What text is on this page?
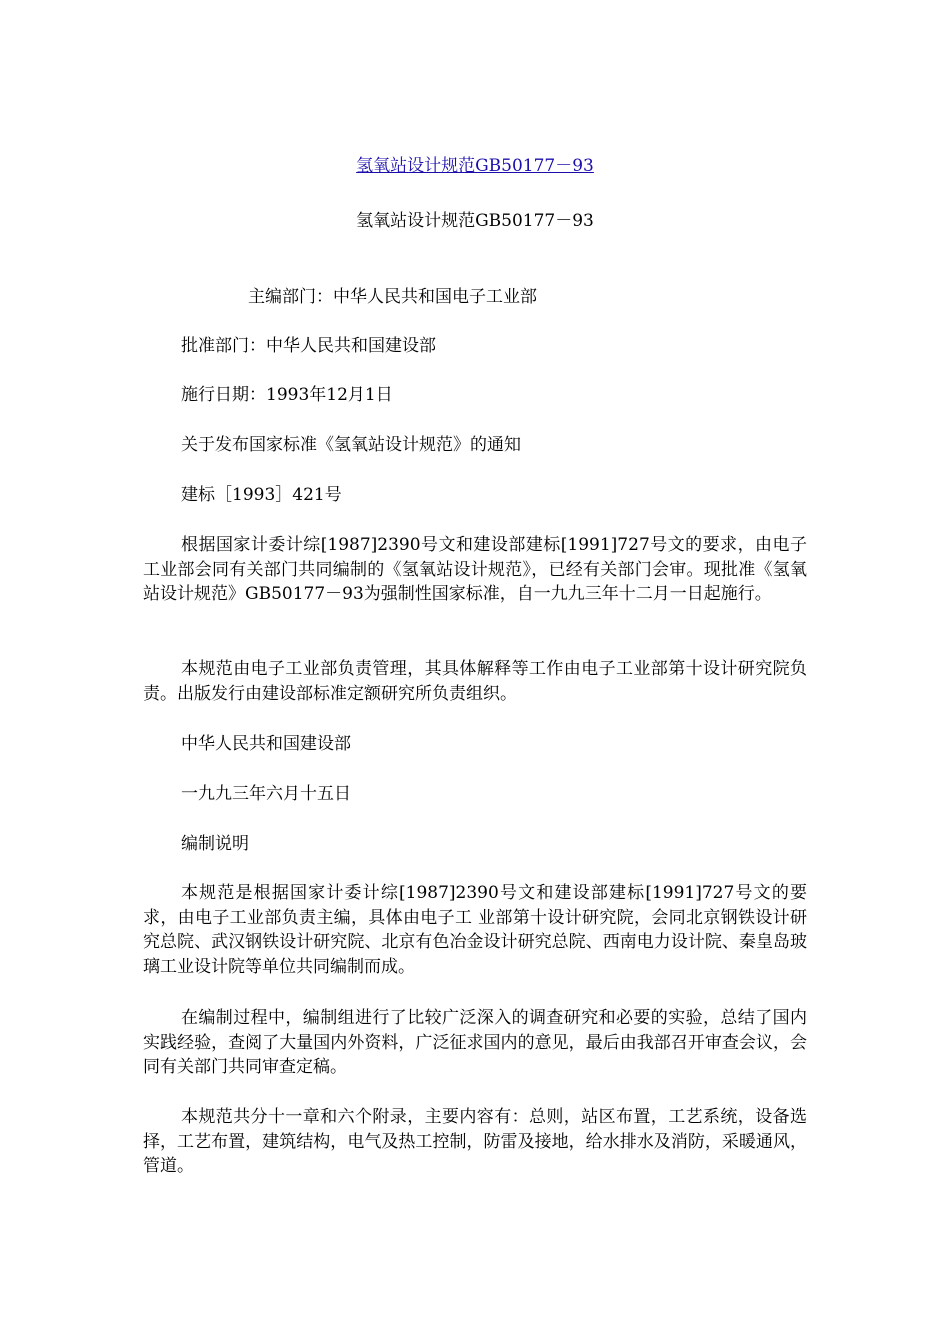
氢氧站设计规范GB50177－93

氢氧站设计规范GB50177－93

主编部门：中华人民共和国电子工业部

批准部门：中华人民共和国建设部

施行日期：1993年12月1日

关于发布国家标准《氢氧站设计规范》的通知

建标［1993］421号

根据国家计委计综[1987]2390号文和建设部建标[1991]727号文的要求，由电子工业部会同有关部门共同编制的《氢氧站设计规范》，已经有关部门会审。现批准《氢氧站设计规范》GB50177－93为强制性国家标准，自一九九三年十二月一日起施行。

本规范由电子工业部负责管理，其具体解释等工作由电子工业部第十设计研究院负责。出版发行由建设部标准定额研究所负责组织。

中华人民共和国建设部

一九九三年六月十五日

编制说明

本规范是根据国家计委计综[1987]2390号文和建设部建标[1991]727号文的要求，由电子工业部负责主编，具体由电子工 业部第十设计研究院，会同北京钢铁设计研究总院、武汉钢铁设计研究院、北京有色冶金设计研究总院、西南电力设计院、秦皇岛玻璃工业设计院等单位共同编制而成。

在编制过程中，编制组进行了比较广泛深入的调查研究和必要的实验，总结了国内实践经验，查阅了大量国内外资料，广泛征求国内的意见，最后由我部召开审查会议，会同有关部门共同审查定稿。

本规范共分十一章和六个附录，主要内容有：总则，站区布置，工艺系统，设备选择，工艺布置，建筑结构，电气及热工控制，防雷及接地，给水排水及消防，采暖通风，管道。
